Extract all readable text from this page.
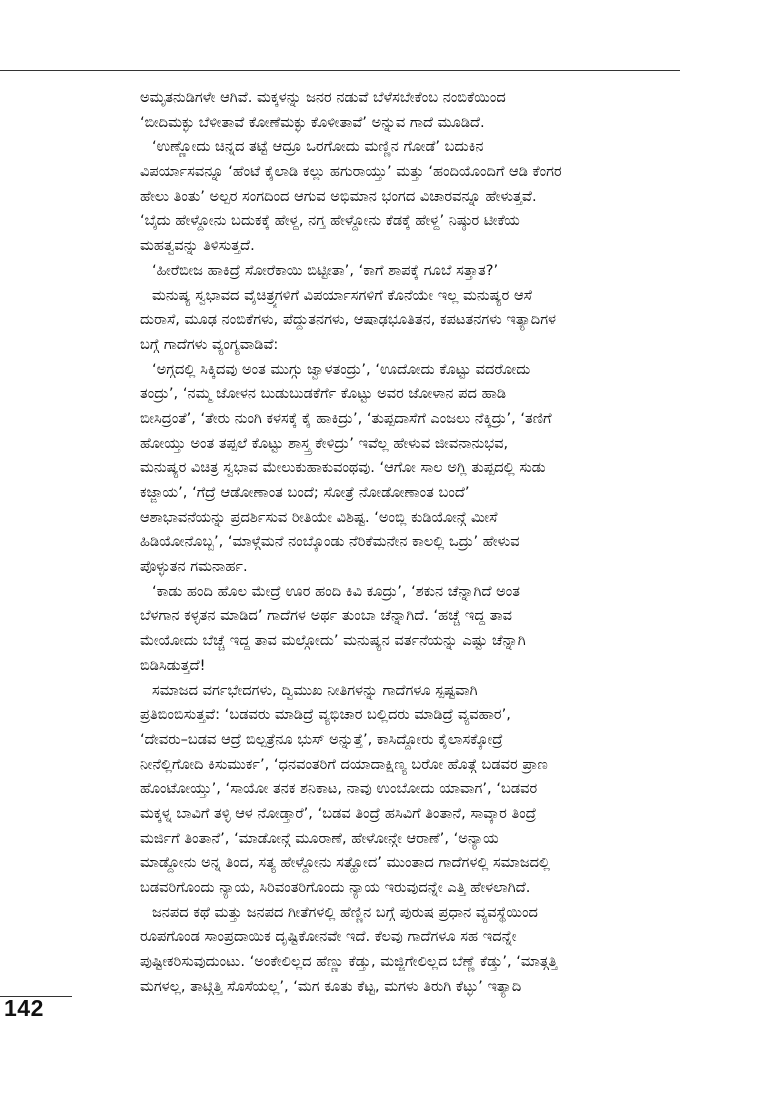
ಅಮೃತನುಡಿಗಳೇ ಆಗಿವೆ. ಮಕ್ಕಳನ್ನು ಜನರ ನಡುವೆ ಬೆಳೆಸಬೇಕೆಂಬ ನಂಬಿಕೆಯಿಂದ
‘ಬೀದಿಮಕ್ಳು ಬೆಳೀತಾವೆ ಕೋಣೆಮಕ್ಳು ಕೊಳೀತಾವೆ’ ಅನ್ನುವ ಗಾದೆ ಮೂಡಿದೆ.
‘ಉಣ್ಣೋದು ಚಿನ್ನದ ತಟ್ಟೆ ಆದ್ರೂ ಒರಗೋದು ಮಣ್ಣಿನ ಗೋಡೆ’ ಬದುಕಿನ
ವಿಪರ್ಯಾಸವನ್ನೂ ‘ಹೆಂಟೆ ಕೈಲಾಡಿ ಕಲ್ಲು ಹಗುರಾಯ್ತು’ ಮತ್ತು ‘ಹಂದಿಯೊಂದಿಗೆ ಆಡಿ ಕೆಂಗರ
ಹೇಲು ತಿಂತು’ ಅಲ್ಪರ ಸಂಗದಿಂದ ಆಗುವ ಅಭಿಮಾನ ಭಂಗದ ವಿಚಾರವನ್ನೂ ಹೇಳುತ್ತವೆ.
‘ಬೈದು ಹೇಳ್ದೋನು ಬದುಕಕ್ಕೆ ಹೇಳ್ದ, ನಗ್ತ ಹೇಳ್ದೋನು ಕೆಡಕ್ಕೆ ಹೇಳ್ದ’ ನಿಷ್ಠುರ ಟೀಕೆಯ
ಮಹತ್ವವನ್ನು ತಿಳಿಸುತ್ತದೆ.
‘ಹೀರೆಬೀಜ ಹಾಕಿದ್ರೆ ಸೋರೆಕಾಯಿ ಬಿಟ್ಟೀತಾ’, ‘ಕಾಗೆ ಶಾಪಕ್ಕೆ ಗೂಬೆ ಸತ್ತಾತ?’
ಮನುಷ್ಯ ಸ್ವಭಾವದ ವೈಚಿತ್ರ್ಯಗಳಿಗೆ ವಿಪರ್ಯಾಸಗಳಿಗೆ ಕೊನೆಯೇ ಇಲ್ಲ ಮನುಷ್ಯರ ಆಸೆ
ದುರಾಸೆ, ಮೂಢ ನಂಬಿಕೆಗಳು, ಪೆದ್ದುತನಗಳು, ಆಷಾಢಭೂತಿತನ, ಕಪಟತನಗಳು ಇತ್ಯಾದಿಗಳ
ಬಗ್ಗೆ ಗಾದೆಗಳು ವ್ಯಂಗ್ಯವಾಡಿವೆ:
‘ಅಗ್ಗದಲ್ಲಿ ಸಿಕ್ಕಿದವು ಅಂತ ಮುಗ್ಗು ಜ್ವಾಳತಂದ್ರು’, ‘ಊದೋದು ಕೊಟ್ಟು ವದರೋದು
ತಂದ್ರು’, ‘ನಮ್ಮ ಜೋಳನ ಬುಡುಬುಡಕೆರ್ಗೆ ಕೊಟ್ಟು ಅವರ ಜೋಳಾನ ಪದ ಹಾಡಿ
ಬೀಸಿದ್ರಂತೆ’, ‘ತೇರು ನುಂಗಿ ಕಳಸಕ್ಕೆ ಕೈ ಹಾಕಿದ್ರು’, ‘ತುಪ್ಪದಾಸೆಗೆ ಎಂಜಲು ನೆಕ್ಕಿದ್ರು’, ‘ತಣಿಗೆ
ಹೋಯ್ತು ಅಂತ ತಪ್ಪಲೆ ಕೊಟ್ಟು ಶಾಸ್ತ್ರ ಕೇಳಿದ್ರು’ ಇವೆಲ್ಲ ಹೇಳುವ ಜೀವನಾನುಭವ,
ಮನುಷ್ಯರ ವಿಚಿತ್ರ ಸ್ವಭಾವ ಮೇಲುಕುಹಾಕುವಂಥವು. ‘ಆಗೋ ಸಾಲ ಅಗ್ಲಿ ತುಪ್ಪದಲ್ಲಿ ಸುಡು
ಕಜ್ಜಾಯ’, ‘ಗೆದ್ರೆ ಆಡೋಣಾಂತ ಬಂದೆ; ಸೋತ್ರೆ ನೋಡೋಣಾಂತ ಬಂದೆ’
ಆಶಾಭಾವನೆಯನ್ನು ಪ್ರದರ್ಶಿಸುವ ರೀತಿಯೇ ವಿಶಿಷ್ಟ. ‘ಅಂಬ್ಲಿ ಕುಡಿಯೋನ್ಗೆ ಮೀಸೆ
ಹಿಡಿಯೋನೊಬ್ಬ’, ‘ಮಾಳ್ಗೆಮನೆ ನಂಬ್ಕೊಂಡು ನೆರಿಕೆಮನೇನ ಕಾಲಲ್ಲಿ ಒದ್ರು’ ಹೇಳುವ
ಪೊಳ್ಳುತನ ಗಮನಾರ್ಹ.
‘ಕಾಡು ಹಂದಿ ಹೊಲ ಮೇದ್ರೆ ಊರ ಹಂದಿ ಕಿವಿ ಕೂದ್ರು’, ‘ಶಕುನ ಚೆನ್ನಾಗಿದೆ ಅಂತ
ಬೆಳಗಾನ ಕಳ್ಳತನ ಮಾಡಿದ’ ಗಾದೆಗಳ ಅರ್ಥ ತುಂಬಾ ಚೆನ್ನಾಗಿದೆ. ‘ಹಚ್ಚೆ ಇದ್ದ ತಾವ
ಮೇಯೋದು ಬೆಚ್ಚೆ ಇದ್ದ ತಾವ ಮಲ್ಗೋದು’ ಮನುಷ್ಯನ ವರ್ತನೆಯನ್ನು ಎಷ್ಟು ಚೆನ್ನಾಗಿ
ಬಿಡಿಸಿಡುತ್ತದೆ!
ಸಮಾಜದ ವರ್ಗಭೇದಗಳು, ದ್ವಿಮುಖ ನೀತಿಗಳನ್ನು ಗಾದೆಗಳೂ ಸ್ಪಷ್ಟವಾಗಿ
ಪ್ರತಿಬಿಂಬಿಸುತ್ತವೆ: ‘ಬಡವರು ಮಾಡಿದ್ರೆ ವ್ಯಭಿಚಾರ ಬಲ್ಲಿದರು ಮಾಡಿದ್ರೆ ವ್ಯವಹಾರ’,
‘ದೇವರು–ಬಡವ ಆದ್ರೆ ಬಿಲ್ಪತ್ರೆನೂ ಭುಸ್ ಅನ್ನುತ್ತೆ’, ಕಾಸಿದ್ದೋರು ಕೈಲಾಸಕ್ಕೋದ್ರೆ
ನೀನೆಲ್ಲಿಗೋದಿ ಕಿಸುಮುರ್ಕ’, ‘ಧನವಂತರಿಗೆ ದಯಾದಾಕ್ಷಿಣ್ಯ ಬರೋ ಹೊತ್ಗೆ ಬಡವರ ಪ್ರಾಣ
ಹೊಂಟೋಯ್ತು’, ‘ಸಾಯೋ ತನಕ ಶನಿಕಾಟ, ನಾವು ಉಂಬೋದು ಯಾವಾಗ’, ‘ಬಡವರ
ಮಕ್ಕಳ್ನ ಬಾವಿಗೆ ತಳ್ಳಿ ಆಳ ನೋಡ್ತಾರೆ’, ‘ಬಡವ ತಿಂದ್ರೆ ಹಸಿವಿಗೆ ತಿಂತಾನೆ, ಸಾವ್ಕಾರ ತಿಂದ್ರೆ
ಮರ್ಜಿಗೆ ತಿಂತಾನೆ’, ‘ಮಾಡೋನ್ಗೆ ಮೂರಾಣೆ, ಹೇಳೋನ್ಗೇ ಆರಾಣೆ’, ‘ಅನ್ಯಾಯ
ಮಾಡ್ದೋನು ಅನ್ನ ತಿಂದ, ಸತ್ಯ ಹೇಳ್ದೋನು ಸತ್ಹೋದ’ ಮುಂತಾದ ಗಾದೆಗಳಲ್ಲಿ ಸಮಾಜದಲ್ಲಿ
ಬಡವರಿಗೊಂದು ನ್ಯಾಯ, ಸಿರಿವಂತರಿಗೊಂದು ನ್ಯಾಯ ಇರುವುದನ್ನೇ ಎತ್ತಿ ಹೇಳಲಾಗಿದೆ.
ಜನಪದ ಕಥೆ ಮತ್ತು ಜನಪದ ಗೀತೆಗಳಲ್ಲಿ ಹೆಣ್ಣಿನ ಬಗ್ಗೆ ಪುರುಷ ಪ್ರಧಾನ ವ್ಯವಸ್ಥೆಯಿಂದ
ರೂಪಗೊಂಡ ಸಾಂಪ್ರದಾಯಿಕ ದೃಷ್ಟಿಕೋನವೇ ಇದೆ. ಕೆಲವು ಗಾದೆಗಳೂ ಸಹ ಇದನ್ನೇ
ಪುಷ್ಟೀಕರಿಸುವುದುಂಟು. ‘ಅಂಕೇಲಿಲ್ಲದ ಹೆಣ್ಣು ಕೆಡ್ತು, ಮಜ್ಜಿಗೇಲಿಲ್ಲದ ಬೆಣ್ಣೆ ಕೆಡ್ತು’, ‘ಮಾತ್ಗತ್ತಿ
ಮಗಳಲ್ಲ, ತಾಟ್ಗಿತ್ತಿ ಸೊಸೆಯಲ್ಲ’, ‘ಮಗ ಕೂತು ಕೆಟ್ಟ, ಮಗಳು ತಿರುಗಿ ಕೆಟ್ಳು’ ಇತ್ಯಾದಿ
142
